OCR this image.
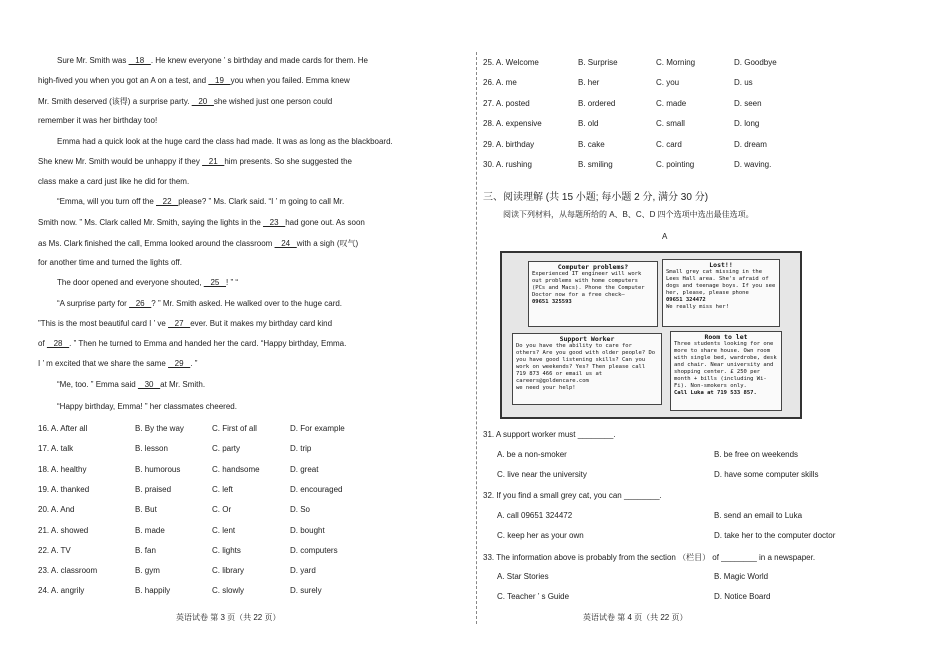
Computer problems?
Experienced IT engineer will work out problems with home computers (PCs and Macs). Phone the Computer Doctor now for a free check—
09651 325593
Lost!!
Small grey cat missing in the Lees Hall area. She's afraid of dogs and teenage boys. If you see her, please, please phone
09651 324472
We really miss her!
Support Worker
Do you have the ability to care for others? Are you good with older people? Do you have good listening skills? Can you work on weekends? Yes? Then please call 719 873 466 or email us at careers@goldencare.com
we need your help!
Room to let
Three students looking for one more to share house. Own room with single bed, wardrobe, desk and chair. Near university and shopping center. £ 250 per month + bills (including Wi-Fi). Non-smokers only.
Call Luka at 719 533 857.
Sure Mr. Smith was    18   . He knew everyone ’ s birthday and made cards for them. He
high-fived you when you got an A on a test, and    19   you when you failed. Emma knew
Mr. Smith deserved (该得) a surprise party.    20   she wished just one person could
remember it was her birthday too!
Emma had a quick look at the huge card the class had made. It was as long as the blackboard.
She knew Mr. Smith would be unhappy if they    21   him presents. So she suggested the
class make a card just like he did for them.
“Emma, will you turn off the    22   please? ” Ms. Clark said. “I ’ m going to call Mr.
Smith now. ” Ms. Clark called Mr. Smith, saying the lights in the    23   had gone out. As soon
as Ms. Clark finished the call, Emma looked around the classroom    24   with a sigh (叹气)
for another time and turned the lights off.
The door opened and everyone shouted,    25   ! ” “
“A surprise party for    26   ? ” Mr. Smith asked. He walked over to the huge card.
”This is the most beautiful card I ’ ve    27   ever. But it makes my birthday card kind
of    28   . ” Then he turned to Emma and handed her the card. “Happy birthday, Emma.
I ’ m excited that we share the same    29   . ”
“Me, too. ” Emma said    30   at Mr. Smith.
“Happy birthday, Emma! ” her classmates cheered.
16. A. After all	B. By the way	C. First of all	D. For example
17. A. talk	B. lesson	C. party	D. trip
18. A. healthy	B. humorous	C. handsome	D. great
19. A. thanked	B. praised	C. left	D. encouraged
20. A. And	B. But	C. Or	D. So
21. A. showed	B. made	C. lent	D. bought
22. A. TV	B. fan	C. lights	D. computers
23. A. classroom	B. gym	C. library	D. yard
24. A. angrily	B. happily	C. slowly	D. surely
英语试卷 第 3 页（共 22 页）
25. A. Welcome	B. Surprise	C. Morning	D. Goodbye
26. A. me	B. her	C. you	D. us
27. A. posted	B. ordered	C. made	D. seen
28. A. expensive	B. old	C. small	D. long
29. A. birthday	B. cake	C. card	D. dream
30. A. rushing	B. smiling	C. pointing	D. waving.
三、阅读理解 (共 15 小题; 每小题 2 分, 满分 30 分)
阅读下列材料，从每题所给的 A、B、C、D 四个选项中选出最佳选项。
A
31. A support worker must ________.
A. be a non-smoker	B. be free on weekends
C. live near the university	D. have some computer skills
32. If you find a small grey cat, you can ________.
A. call 09651 324472	B. send an email to Luka
C. keep her as your own	D. take her to the computer doctor
33. The information above is probably from the section （栏目） of ________ in a newspaper.
A. Star Stories	B. Magic World
C. Teacher ’ s Guide	D. Notice Board
英语试卷 第 4 页（共 22 页）
